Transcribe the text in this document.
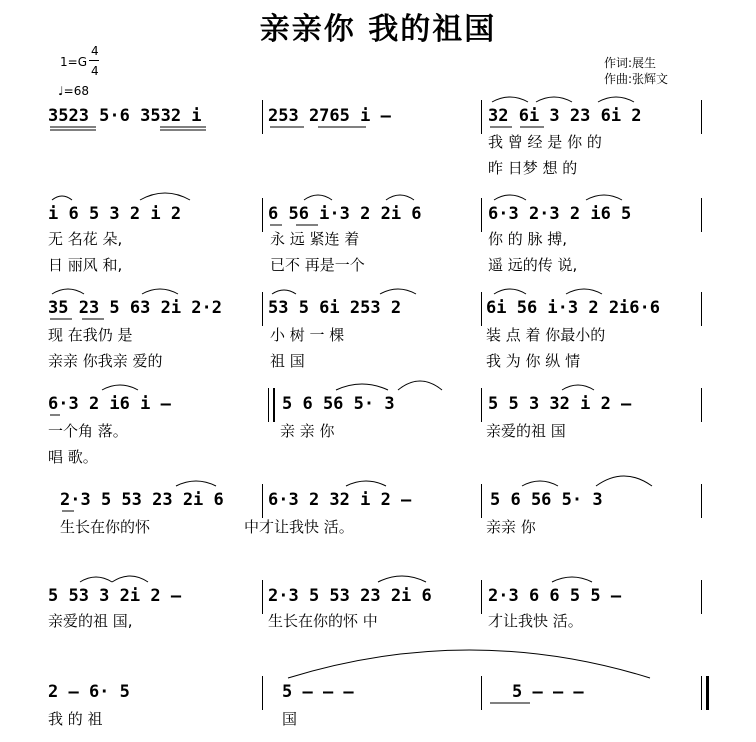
亲亲你 我的祖国
1=G
4
4
♩=68
作词:展生
作曲:张辉文
3523 5·6 3532 i	253 2765 i –	32 6i 3 23 6i 2
我 曾 经 是 你 的
昨 日梦 想 的
i 6 5 3 2 i 2	6 56 i·3 2 2i 6	6·3 2·3 2 i6 5
无 名花 朵,	永 远 紧连 着	你 的 脉 搏,
日 丽风 和,	已不 再是一个	遥 远的传 说,
35 23 5 63 2i 2·2	53 5 6i 253 2	6i 56 i·3 2 2i6·6
现 在我仍 是	小 树 一 棵	装 点 着 你最小的
亲亲 你我亲 爱的	祖 国	我 为 你 纵 情
6·3 2 i6 i –	5 6 56 5· 3	5 5 3 32 i 2 –
一个角 落。	亲 亲 你	亲爱的祖 国
唱 歌。
2·3 5 53 23 2i 6	6·3 2 32 i 2 –	5 6 56 5· 3
生长在你的怀	中才让我快 活。	亲亲 你
5 53 3 2i 2 –	2·3 5 53 23 2i 6	2·3 6 6 5 5 –
亲爱的祖 国,	生长在你的怀 中	才让我快 活。
2 – 6· 5	5 – – –	5 – – –
我 的 祖	国
